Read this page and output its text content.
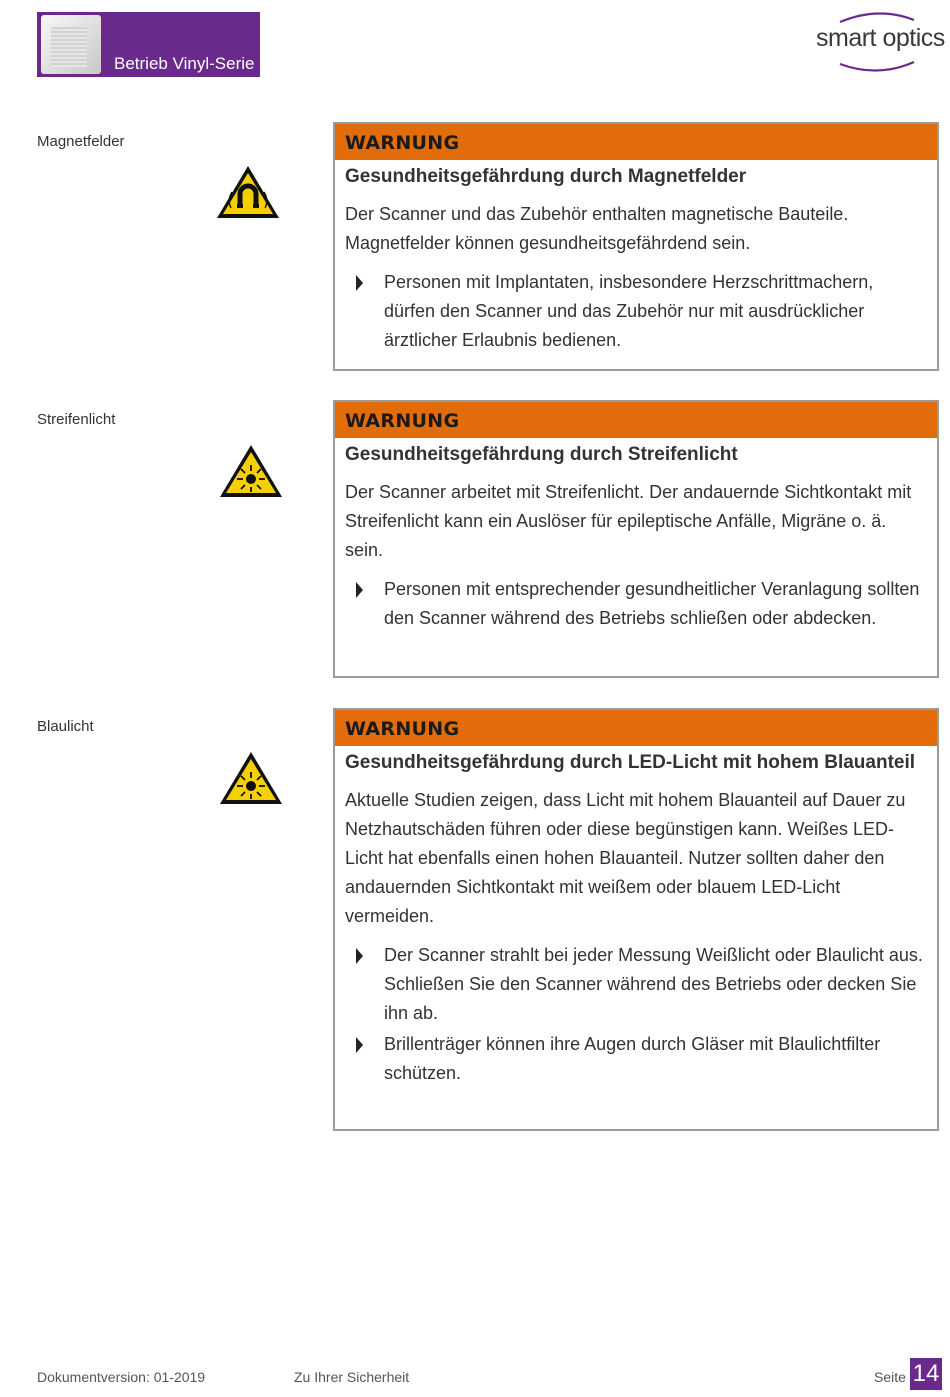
Betrieb Vinyl-Serie
smart optics
Magnetfelder	WARNUNG
Gesundheitsgefährdung durch Magnetfelder
Der Scanner und das Zubehör enthalten magnetische Bauteile. Magnetfelder können gesundheitsgefährdend sein.
Personen mit Implantaten, insbesondere Herzschrittmachern, dürfen den Scanner und das Zubehör nur mit ausdrücklicher ärztlicher Erlaubnis bedienen.
Streifenlicht	WARNUNG
Gesundheitsgefährdung durch Streifenlicht
Der Scanner arbeitet mit Streifenlicht. Der andauernde Sichtkontakt mit Streifenlicht kann ein Auslöser für epileptische Anfälle, Migräne o. ä. sein.
Personen mit entsprechender gesundheitlicher Veranlagung sollten den Scanner während des Betriebs schließen oder abdecken.
Blaulicht	WARNUNG
Gesundheitsgefährdung durch LED-Licht mit hohem Blauanteil
Aktuelle Studien zeigen, dass Licht mit hohem Blauanteil auf Dauer zu Netzhautschäden führen oder diese begünstigen kann. Weißes LED-Licht hat ebenfalls einen hohen Blauanteil. Nutzer sollten daher den andauernden Sichtkontakt mit weißem oder blauem LED-Licht vermeiden.
Der Scanner strahlt bei jeder Messung Weißlicht oder Blaulicht aus. Schließen Sie den Scanner während des Betriebs oder decken Sie ihn ab.
Brillenträger können ihre Augen durch Gläser mit Blaulichtfilter schützen.
Dokumentversion: 01-2019	Zu Ihrer Sicherheit	Seite 14
